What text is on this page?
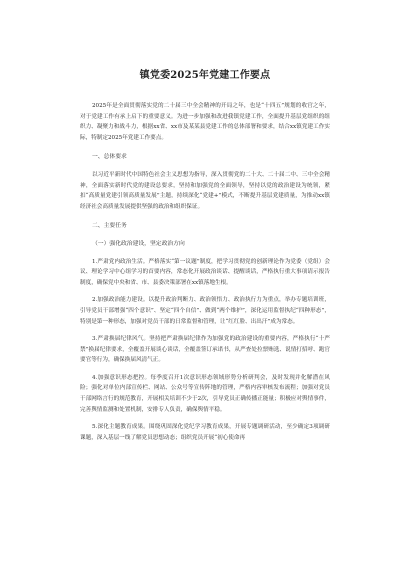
镇党委2025年党建工作要点

2025年是全面贯彻落实党的二十届三中全会精神的开局之年，也是“十四五”规划的收官之年，对于党建工作有承上启下的重要意义。为进一步加强和改进我镇党建工作，全面提升基层党组织的组织力、凝聚力和战斗力，根据xx省、xx市及某某县党建工作的总体部署和要求，结合xx镇党建工作实际，特制定2025年党建工作要点。

一、总体要求

以习近平新时代中国特色社会主义思想为指导，深入贯彻党的二十大、二十届二中、三中全会精神，全面落实新时代党的建设总要求，坚持和加强党的全面领导，坚持以党的政治建设为统领，紧扣“高质量党建引领高质量发展”主题，持续深化“党建+”模式，不断提升基层党建质量，为推动xx镇经济社会高质量发展提供坚强的政治和组织保证。

二、主要任务

（一）强化政治建设，坚定政治方向

1.严肃党内政治生活。严格落实“第一议题”制度，把学习贯彻党的创新理论作为党委（党组）会议、理论学习中心组学习的首要内容，常态化开展政治谈话、提醒谈话，严格执行重大事项请示报告制度，确保党中央和省、市、县委决策部署在xx镇落地生根。

2.加强政治能力建设。以提升政治判断力、政治领悟力、政治执行力为重点，举办专题培训班，引导党员干部增强“四个意识”、坚定“四个自信”、做到“两个维护”，深化运用监督执纪“四种形态”，特别是第一种形态，加强对党员干部的日常监督和管理，让“红红脸、出出汗”成为常态。

3.严肃换届纪律风气。坚持把严肃换届纪律作为加强党的政治建设的重要内容，严格执行“十严禁”换届纪律要求，全覆盖开展谈心谈话，全覆盖签订承诺书，从严查处拉票贿选、说情打招呼、跑官要官等行为，确保换届风清气正。

4.加强意识形态把控。每季度召开1次意识形态领域形势分析研判会，及时发现并化解潜在风险；强化对单位内部宣传栏、网站、公众号等宣传阵地的管理，严格内容审核发布流程；加强对党员干部网络言行的规范教育，开展相关培训不少于2次，引导党员正确传播正能量；积极应对舆情事件，完善舆情监测和处置机制，安排专人负责，确保舆情平稳。

5.深化主题教育成果。围绕巩固深化党纪学习教育成果，开展专题调研活动，至少确定3项调研课题，深入基层一线了解党员思想动态；组织党员开展“初心使命再
